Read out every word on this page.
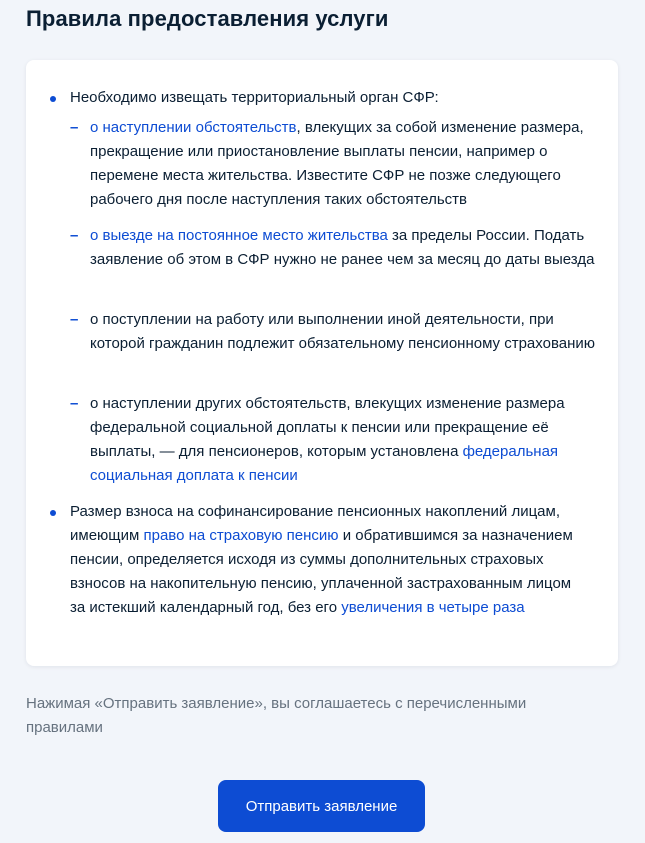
Правила предоставления услуги
Необходимо извещать территориальный орган СФР:
– о наступлении обстоятельств, влекущих за собой изменение размера, прекращение или приостановление выплаты пенсии, например о перемене места жительства. Известите СФР не позже следующего рабочего дня после наступления таких обстоятельств
– о выезде на постоянное место жительства за пределы России. Подать заявление об этом в СФР нужно не ранее чем за месяц до даты выезда
– о поступлении на работу или выполнении иной деятельности, при которой гражданин подлежит обязательному пенсионному страхованию
– о наступлении других обстоятельств, влекущих изменение размера федеральной социальной доплаты к пенсии или прекращение её выплаты, — для пенсионеров, которым установлена федеральная социальная доплата к пенсии
Размер взноса на софинансирование пенсионных накоплений лицам, имеющим право на страховую пенсию и обратившимся за назначением пенсии, определяется исходя из суммы дополнительных страховых взносов на накопительную пенсию, уплаченной застрахованным лицом за истекший календарный год, без его увеличения в четыре раза
Нажимая «Отправить заявление», вы соглашаетесь с перечисленными правилами
Отправить заявление
